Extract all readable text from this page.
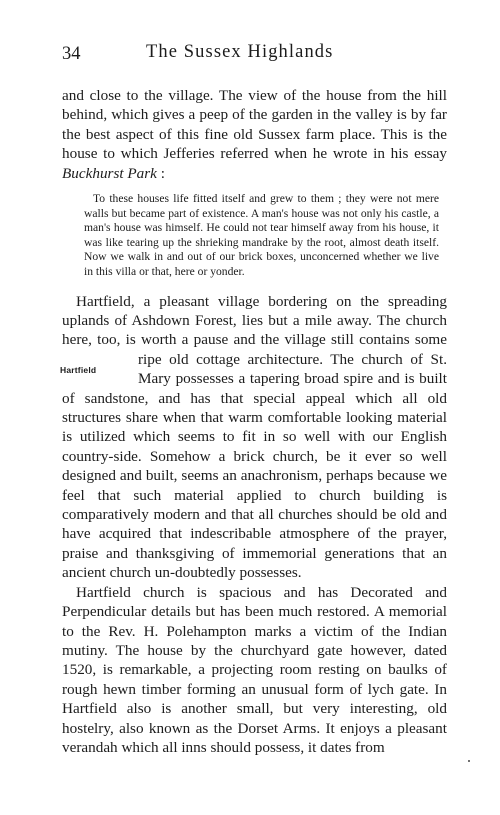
34	The Sussex Highlands

and close to the village. The view of the house from the hill behind, which gives a peep of the garden in the valley is by far the best aspect of this fine old Sussex farm place. This is the house to which Jefferies referred when he wrote in his essay Buckhurst Park :

To these houses life fitted itself and grew to them ; they were not mere walls but became part of existence. A man's house was not only his castle, a man's house was himself. He could not tear himself away from his house, it was like tearing up the shrieking mandrake by the root, almost death itself. Now we walk in and out of our brick boxes, unconcerned whether we live in this villa or that, here or yonder.

Hartfield, a pleasant village bordering on the spreading uplands of Ashdown Forest, lies but a mile away. The church here, too, is worth a pause and the village still contains some ripe old cottage architecture. The church
Hartfield
of St. Mary possesses a tapering broad spire and is built of sandstone, and has that special appeal which all old structures share when that warm comfortable looking material is utilized which seems to fit in so well with our English country-side. Somehow a brick church, be it ever so well designed and built, seems an anachronism, perhaps because we feel that such material applied to church building is comparatively modern and that all churches should be old and have acquired that indescribable atmosphere of the prayer, praise and thanksgiving of immemorial generations that an ancient church un-doubtedly possesses.

Hartfield church is spacious and has Decorated and Perpendicular details but has been much restored. A memorial to the Rev. H. Polehampton marks a victim of the Indian mutiny. The house by the churchyard gate however, dated 1520, is remarkable, a projecting room resting on baulks of rough hewn timber forming an unusual form of lych gate. In Hartfield also is another small, but very interesting, old hostelry, also known as the Dorset Arms. It enjoys a pleasant verandah which all inns should possess, it dates from
